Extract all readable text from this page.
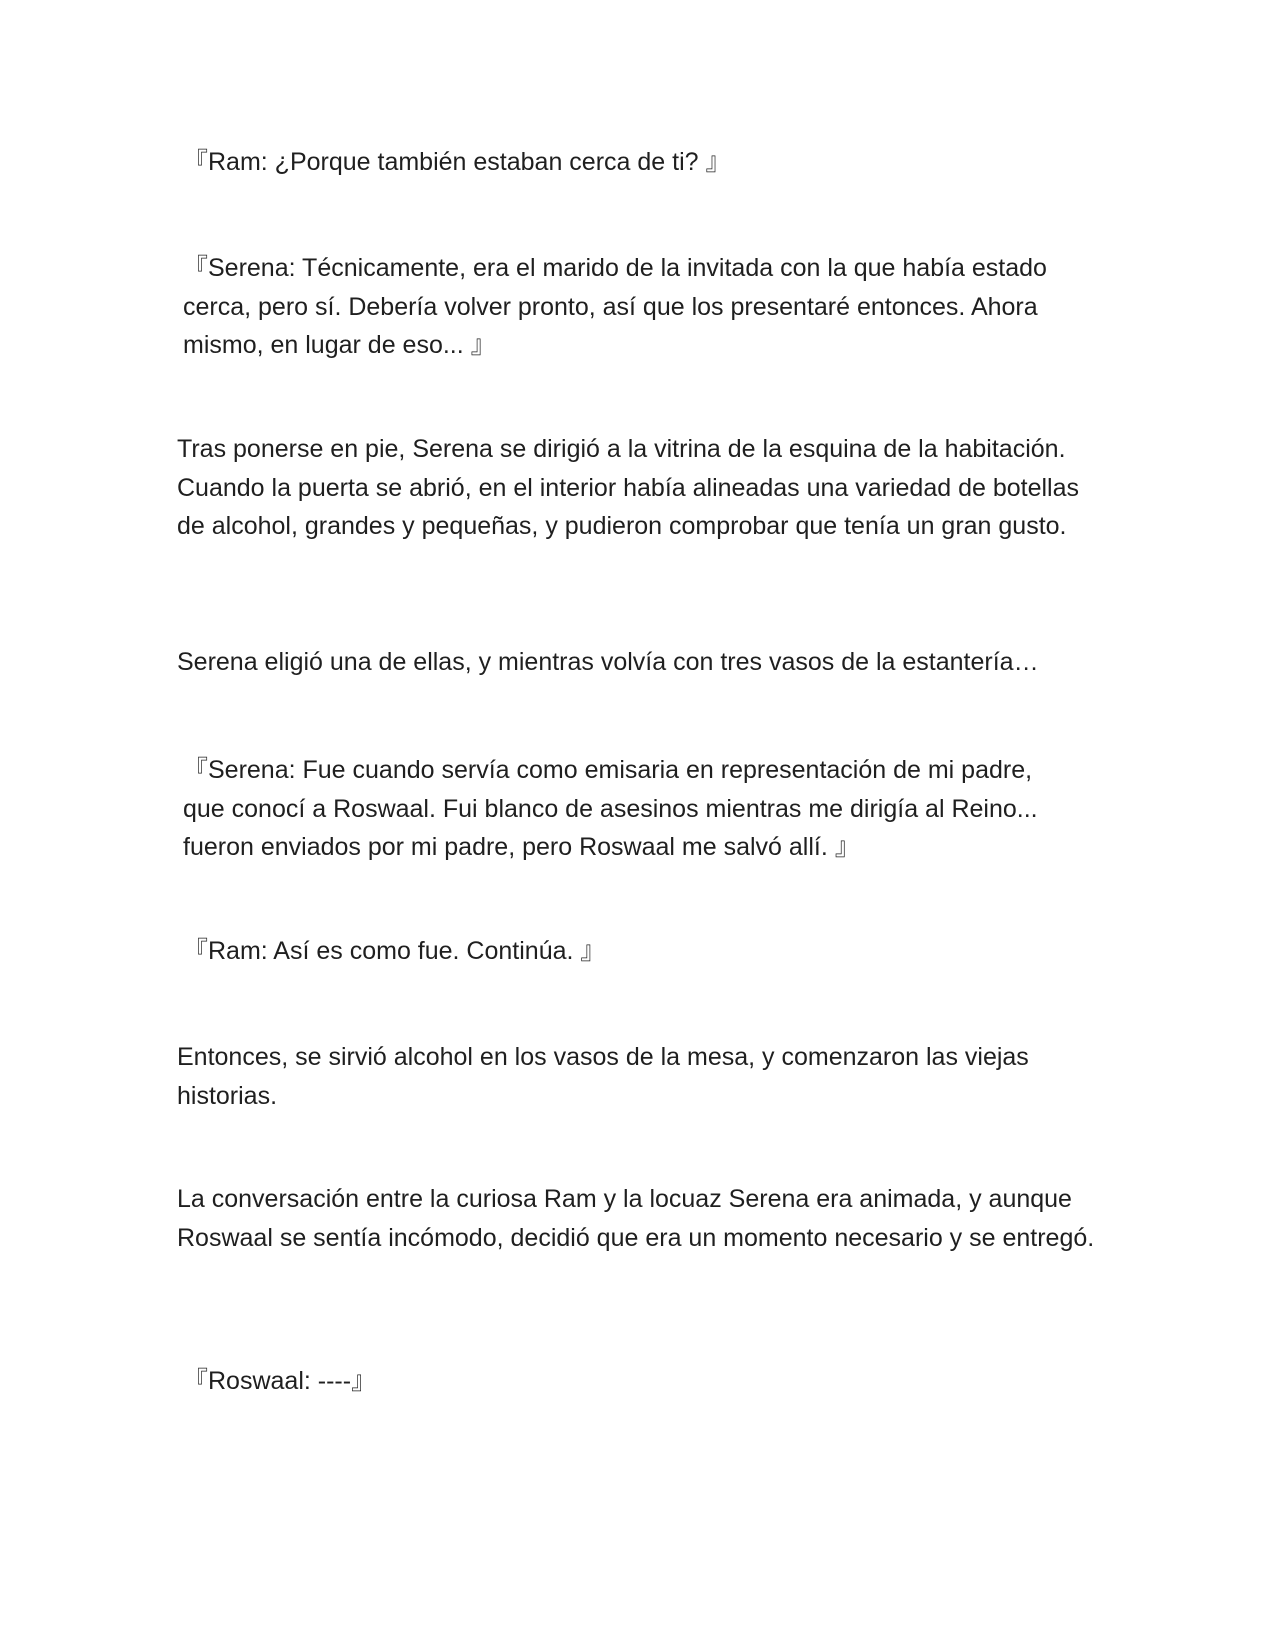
『Ram: ¿Porque también estaban cerca de ti? 』

『Serena: Técnicamente, era el marido de la invitada con la que había estado cerca, pero sí. Debería volver pronto, así que los presentaré entonces. Ahora mismo, en lugar de eso... 』

Tras ponerse en pie, Serena se dirigió a la vitrina de la esquina de la habitación. Cuando la puerta se abrió, en el interior había alineadas una variedad de botellas de alcohol, grandes y pequeñas, y pudieron comprobar que tenía un gran gusto.

Serena eligió una de ellas, y mientras volvía con tres vasos de la estantería…

『Serena: Fue cuando servía como emisaria en representación de mi padre, que conocí a Roswaal. Fui blanco de asesinos mientras me dirigía al Reino... fueron enviados por mi padre, pero Roswaal me salvó allí. 』

『Ram: Así es como fue. Continúa. 』

Entonces, se sirvió alcohol en los vasos de la mesa, y comenzaron las viejas historias.

La conversación entre la curiosa Ram y la locuaz Serena era animada, y aunque Roswaal se sentía incómodo, decidió que era un momento necesario y se entregó.

『Roswaal: ----』
